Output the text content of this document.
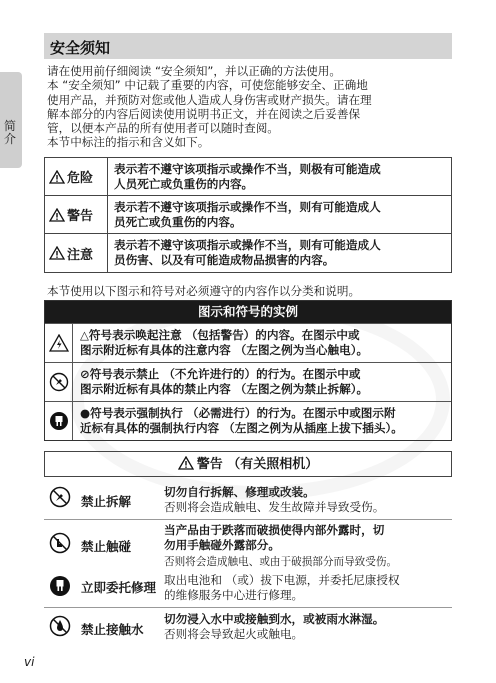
简介
安全须知

请在使用前仔细阅读 “安全须知”，并以正确的方法使用。

本 “安全须知” 中记载了重要的内容，可使您能够安全、正确地

使用产品，并预防对您或他人造成人身伤害或财产损失。请在理

解本部分的内容后阅读使用说明书正文，并在阅读之后妥善保

管，以便本产品的所有使用者可以随时查阅。

本节中标注的指示和含义如下。

危险
表示若不遵守该项指示或操作不当，则极有可能造成
人员死亡或负重伤的内容。
警告
表示若不遵守该项指示或操作不当，则有可能造成人
员死亡或负重伤的内容。
注意
表示若不遵守该项指示或操作不当，则有可能造成人
员伤害、以及有可能造成物品损害的内容。
本节使用以下图示和符号对必须遵守的内容作以分类和说明。
图示和符号的实例
△符号表示唤起注意 （包括警告）的内容。在图示中或
图示附近标有具体的注意内容 （左图之例为当心触电）。
⊘符号表示禁止 （不允许进行的）的行为。在图示中或
图示附近标有具体的禁止内容 （左图之例为禁止拆解）。
●符号表示强制执行 （必需进行）的行为。在图示中或图示附
近标有具体的强制执行内容 （左图之例为从插座上拔下插头）。
警告 （有关照相机）
禁止拆解
切勿自行拆解、修理或改装。
否则将会造成触电、发生故障并导致受伤。
禁止触碰
当产品由于跌落而破损使得内部外露时，切
勿用手触碰外露部分。
否则将会造成触电、或由于破损部分而导致受伤。
立即委托修理 取出电池和 （或）拔下电源，并委托尼康授权
的维修服务中心进行修理。
禁止接触水
切勿浸入水中或接触到水，或被雨水淋湿。
否则将会导致起火或触电。
vi
